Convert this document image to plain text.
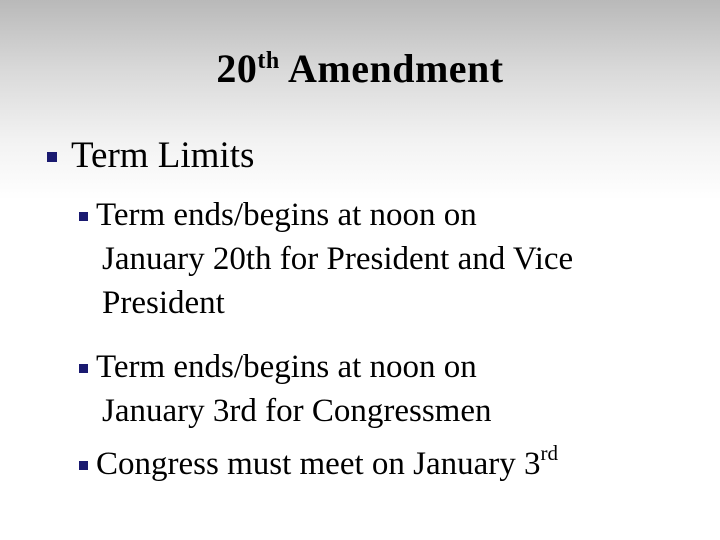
20th Amendment
Term Limits
Term ends/begins at noon on
January 20th for President and Vice
President
Term ends/begins at noon on
January 3rd for Congressmen
Congress must meet on January 3rd
